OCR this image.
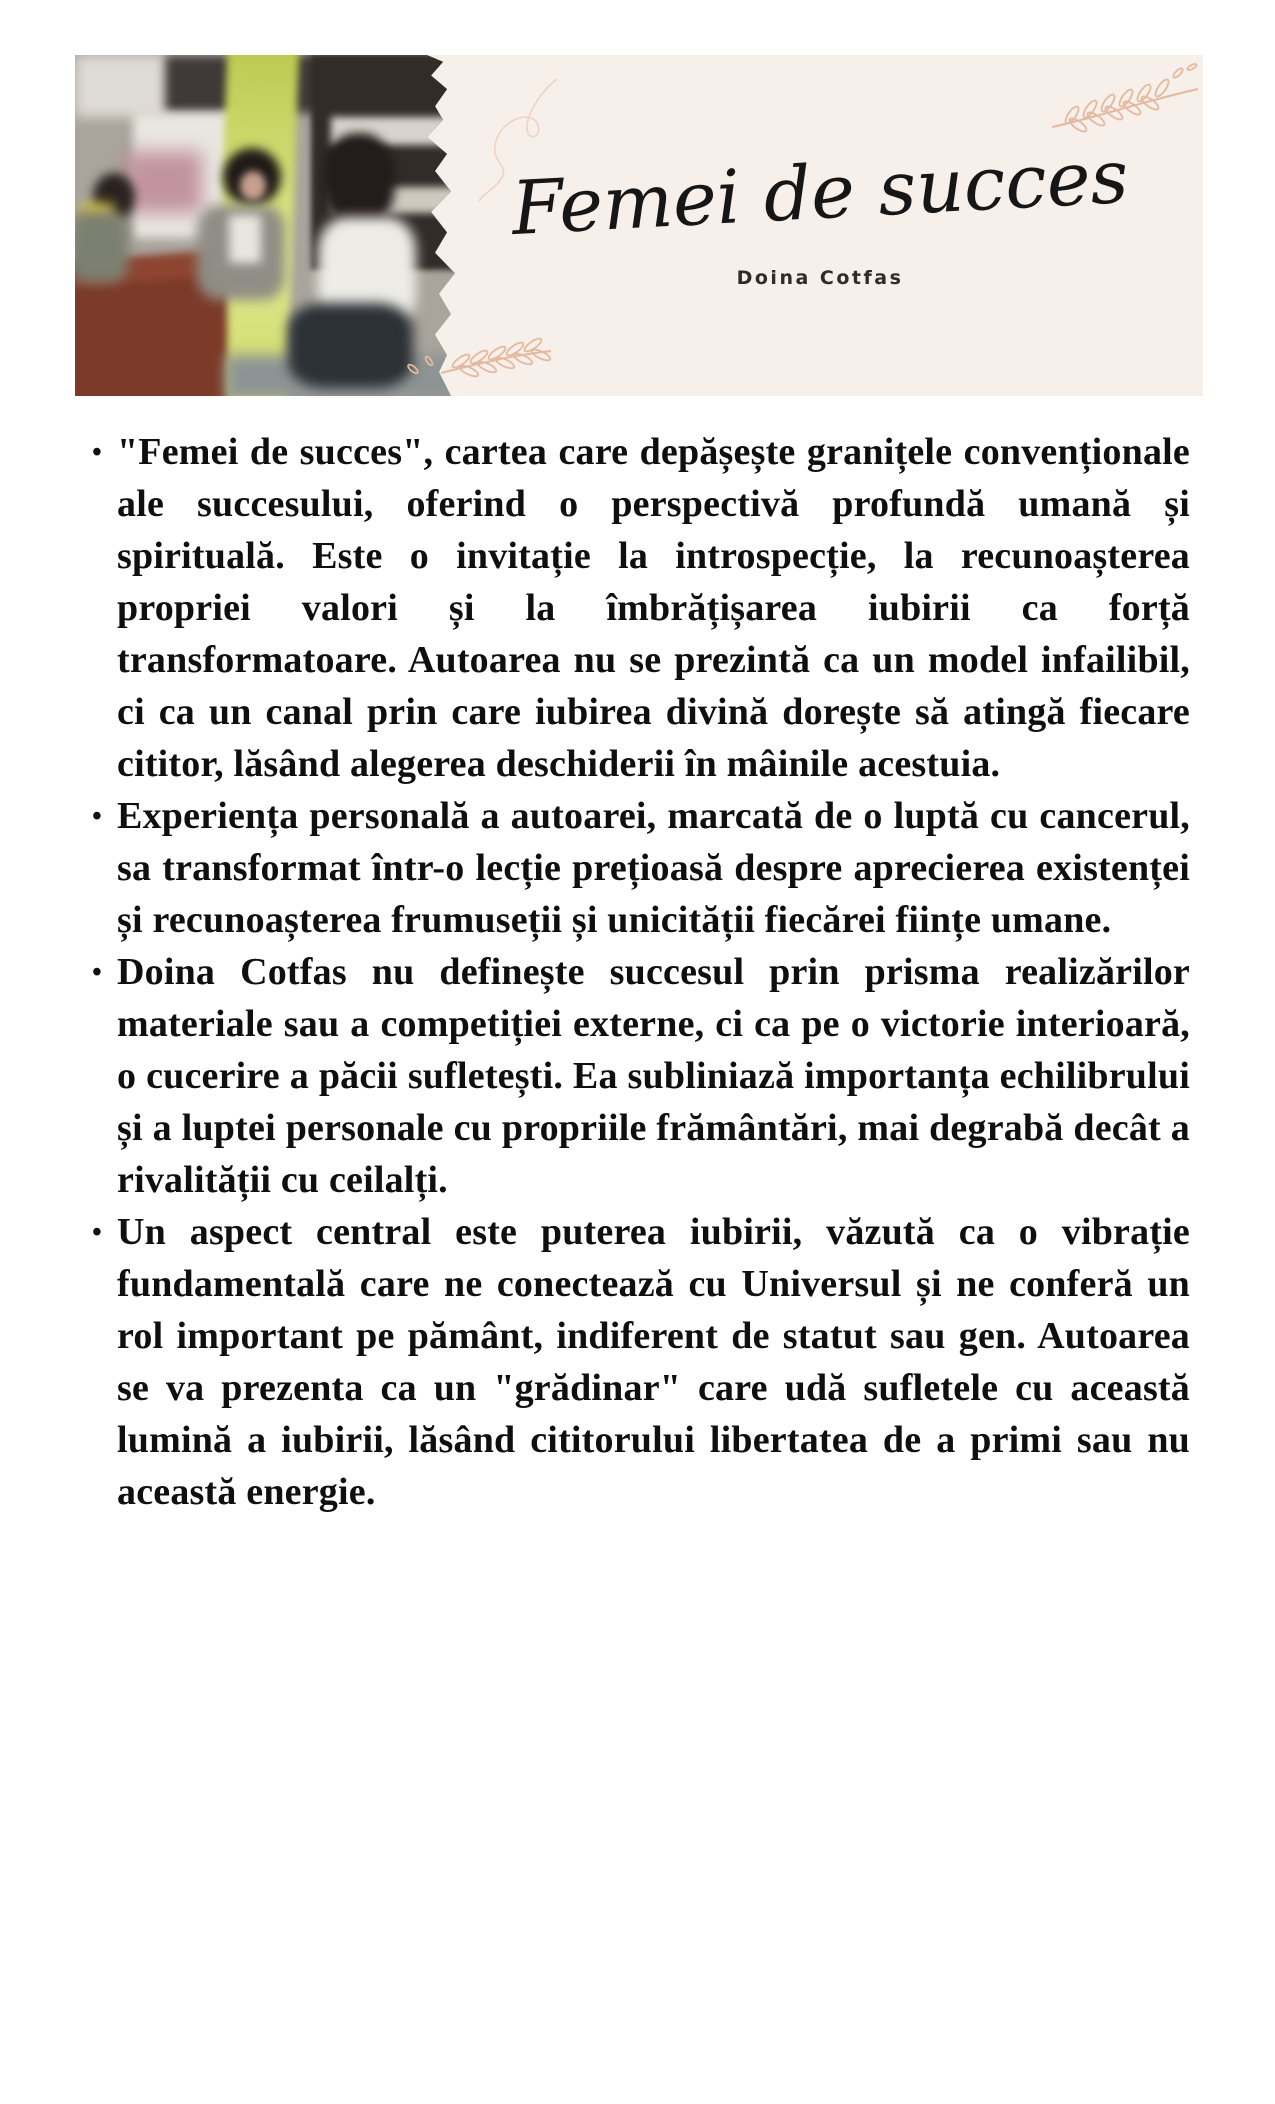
Femei de succes
Doina Cotfas
• "Femei de succes", cartea care depășește granițele convenționale ale succesului, oferind o perspectivă profundă umană și spirituală. Este o invitație la introspecție, la recunoașterea propriei valori și la îmbrățișarea iubirii ca forță transformatoare. Autoarea nu se prezintă ca un model infailibil, ci ca un canal prin care iubirea divină dorește să atingă fiecare cititor, lăsând alegerea deschiderii în mâinile acestuia.
• Experiența personală a autoarei, marcată de o luptă cu cancerul, sa transformat într-o lecție prețioasă despre aprecierea existenței și recunoașterea frumuseții și unicității fiecărei ființe umane.
• Doina Cotfas nu definește succesul prin prisma realizărilor materiale sau a competiției externe, ci ca pe o victorie interioară, o cucerire a păcii sufletești. Ea subliniază importanța echilibrului și a luptei personale cu propriile frământări, mai degrabă decât a rivalității cu ceilalți.
• Un aspect central este puterea iubirii, văzută ca o vibrație fundamentală care ne conectează cu Universul și ne conferă un rol important pe pământ, indiferent de statut sau gen. Autoarea se va prezenta ca un "grădinar" care udă sufletele cu această lumină a iubirii, lăsând cititorului libertatea de a primi sau nu această energie.
